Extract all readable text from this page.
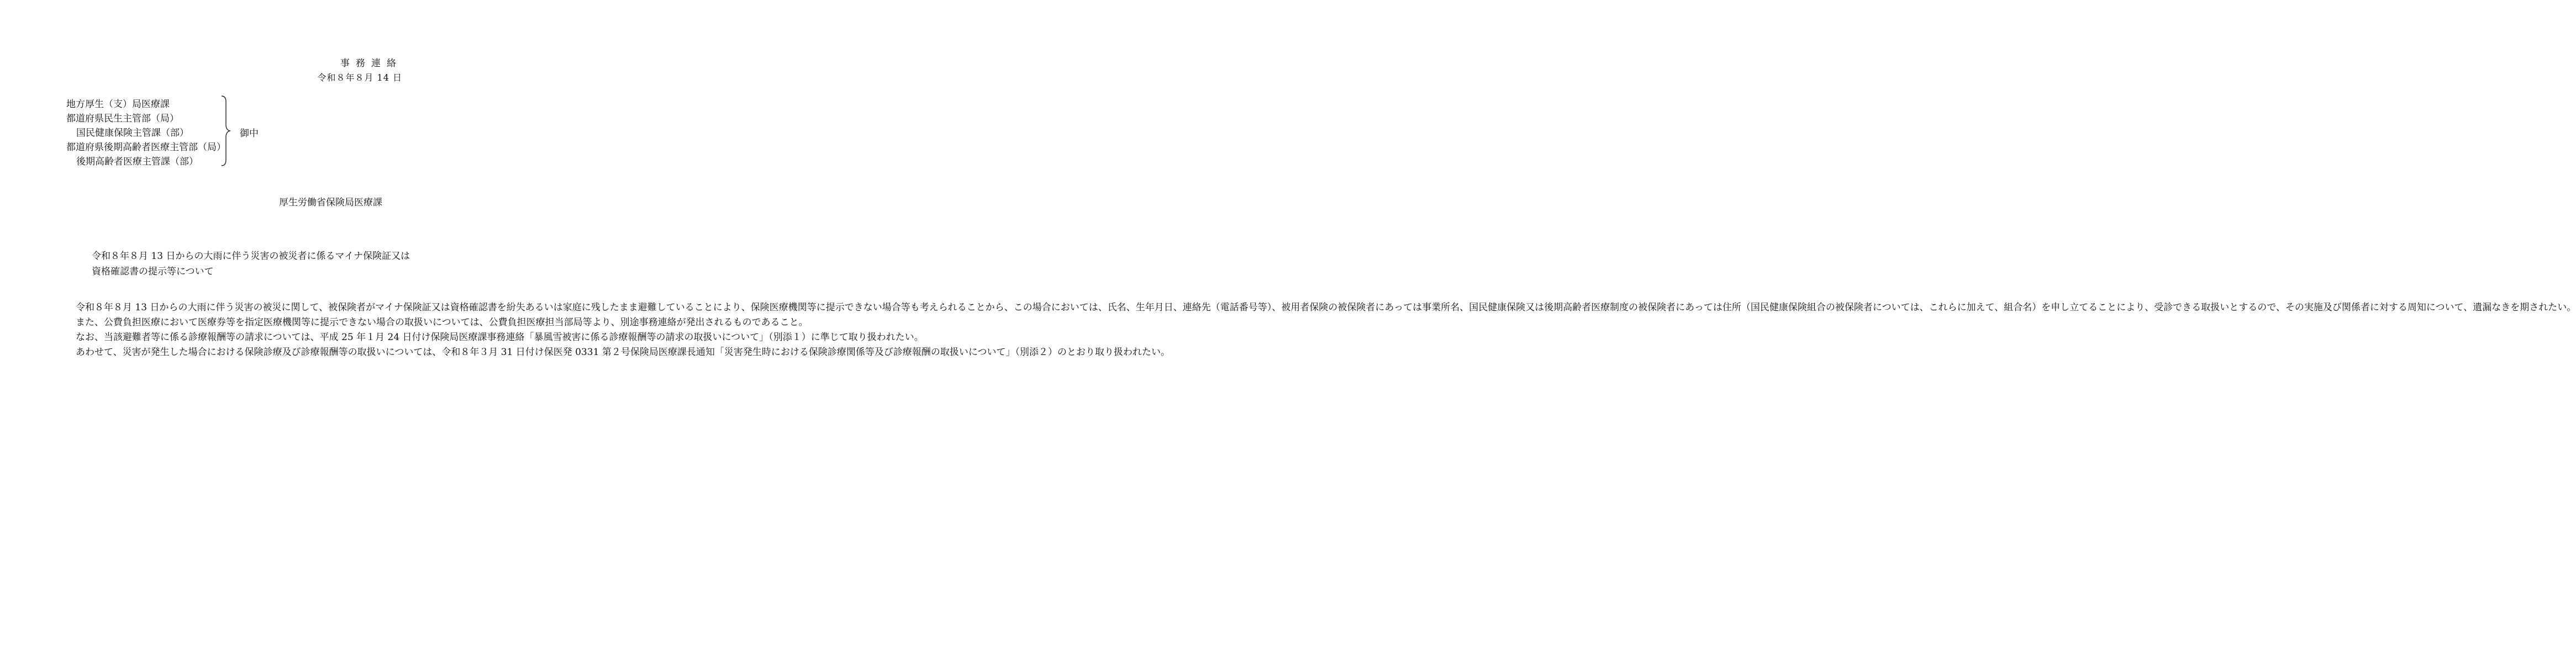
事務連絡
令和８年８月 14 日
地方厚生（支）局医療課
都道府県民生主管部（局）
国民健康保険主管課（部）
都道府県後期高齢者医療主管部（局）
後期高齢者医療主管課（部）
御中
厚生労働省保険局医療課
令和８年８月 13 日からの大雨に伴う災害の被災者に係るマイナ保険証又は資格確認書の提示等について

令和８年８月 13 日からの大雨に伴う災害の被災に関して、被保険者がマイナ保険証又は資格確認書を紛失あるいは家庭に残したまま避難していることにより、保険医療機関等に提示できない場合等も考えられることから、この場合においては、氏名、生年月日、連絡先（電話番号等）、被用者保険の被保険者にあっては事業所名、国民健康保険又は後期高齢者医療制度の被保険者にあっては住所（国民健康保険組合の被保険者については、これらに加えて、組合名）を申し立てることにより、受診できる取扱いとするので、その実施及び関係者に対する周知について、遺漏なきを期されたい。

また、公費負担医療において医療券等を指定医療機関等に提示できない場合の取扱いについては、公費負担医療担当部局等より、別途事務連絡が発出されるものであること。

なお、当該避難者等に係る診療報酬等の請求については、平成 25 年１月 24 日付け保険局医療課事務連絡「暴風雪被害に係る診療報酬等の請求の取扱いについて」（別添１）に準じて取り扱われたい。

あわせて、災害が発生した場合における保険診療及び診療報酬等の取扱いについては、令和８年３月 31 日付け保医発 0331 第２号保険局医療課長通知「災害発生時における保険診療関係等及び診療報酬の取扱いについて」（別添２）のとおり取り扱われたい。
